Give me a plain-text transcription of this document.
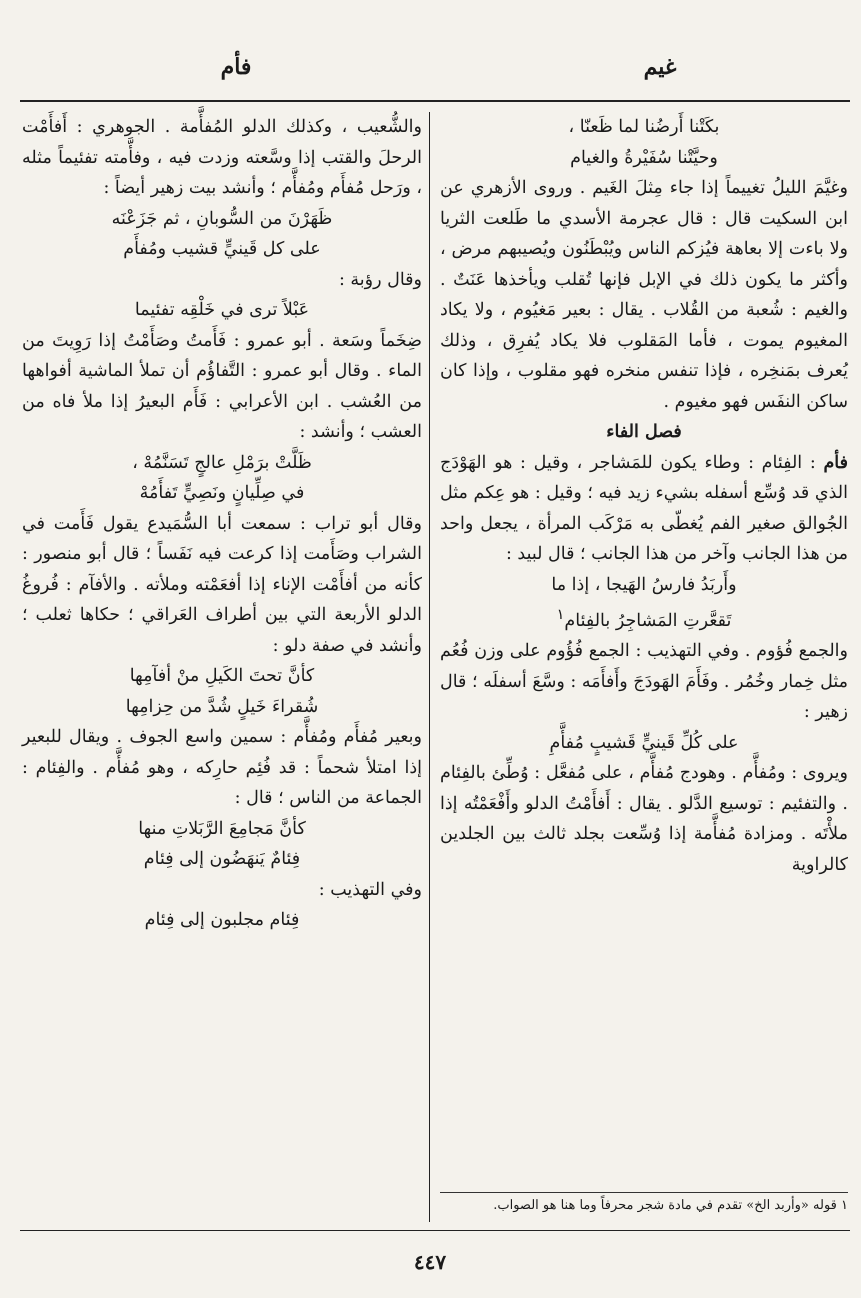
غيم
فأم

بكَتْنا أَرضُنا لما ظَعنّا ،

وحيَّتْنا سُفَيْرةُ والغيام

وغيَّمَ الليلُ تغييماً إذا جاء مِثلَ الغَيم . وروى الأزهري عن ابن السكيت قال : قال عجرمة الأسدي ما طَلعت الثريا ولا باءت إلا بعاهة فيُزكم الناس ويُبْطَنُون ويُصيبهم مرض ، وأكثر ما يكون ذلك في الإبل فإنها تُقلب ويأخذها عَنَتٌ . والغيم : شُعبة من القُلاب . يقال : بعير مَغيُوم ، ولا يكاد المغيوم يموت ، فأما المَقلوب فلا يكاد يُفرِق ، وذلك يُعرف بمَنخِره ، فإذا تنفس منخره فهو مقلوب ، وإذا كان ساكن النفَس فهو مغيوم .

فصل الفاء

فأم : الفِئام : وطاء يكون للمَشاجر ، وقيل : هو الهَوْدَج الذي قد وُسِّع أسفله بشيء زيد فيه ؛ وقيل : هو عِكم مثل الجُوالق صغير الفم يُغطّى به مَرْكَب المرأة ، يجعل واحد من هذا الجانب وآخر من هذا الجانب ؛ قال لبيد :

وأَربَدُ فارسُ الهَيجا ، إذا ما

تَقعَّرتِ المَشاجِرُ بالفِئام$^١$

والجمع فُؤوم . وفي التهذيب : الجمع فُؤُوم على وزن فُعُم مثل خِمار وخُمُر . وفَأَمَ الهَودَجَ وأَفأَمَه : وسَّعَ أسفلَه ؛ قال زهير :

على كُلِّ قَينيٍّ قَشيبٍ مُفأَّمِ

ويروى : ومُفأَّم . وهودج مُفأَّم ، على مُفعَّل : وُطِّئ بالفِئام . والتفئيم : توسيع الدَّلو . يقال : أَفأَمْتُ الدلو وأَفْعَمْتُه إذا ملأْتَه . ومزادة مُفأَّمة إذا وُسِّعت بجلد ثالث بين الجلدين كالراوية

والشُّعيب ، وكذلك الدلو المُفأَّمة . الجوهري : أَفأَمْت الرحلَ والقتب إذا وسَّعته وزدت فيه ، وفأَّمته تفئيماً مثله ، ورَحل مُفأَم ومُفأَّم ؛ وأنشد بيت زهير أيضاً :

ظَهَرْنَ من السُّوبانِ ، ثم جَزَعْنَه

على كل قَينيٍّ قشيب ومُفأَم

وقال رؤبة :

عَبْلاً ترى في خَلْقِه تفئيما

ضِخَماً وسَعة . أبو عمرو : فَأَمتُ وصَأَمْتُ إذا رَوِيتَ من الماء . وقال أبو عمرو : التَّفاؤُم أن تملأ الماشية أفواهها من العُشب . ابن الأعرابي : فَأَم البعيرُ إذا ملأ فاه من العشب ؛ وأنشد :

ظَلَّتْ برَمْلِ عالجٍ تَسَنَّمُهْ ،

في صِلِّيانٍ ونَصِيٍّ تَفأَمُهْ

وقال أبو تراب : سمعت أبا السُّمَيدع يقول فَأَمت في الشراب وصَأَمت إذا كرعت فيه نَفَساً ؛ قال أبو منصور : كأنه من أفأَمْت الإناء إذا أفعَمْته وملأته . والأفآم : فُروغُ الدلو الأربعة التي بين أطراف العَراقي ؛ حكاها ثعلب ؛ وأنشد في صفة دلو :

كأنَّ تحتَ الكَيلِ منْ أفآمِها

شُقراءَ خَيلٍ شُدَّ من حِزامِها

وبعير مُفأَم ومُفأَّم : سمين واسع الجوف . ويقال للبعير إذا امتلأ شحماً : قد فُئِم حارِكه ، وهو مُفأَّم . والفِئام : الجماعة من الناس ؛ قال :

كأنَّ مَجامِعَ الرَّبَلاتِ منها

فِئامٌ يَنهَضُون إلى فِئام

وفي التهذيب :

فِئام مجلبون إلى فِئام

١ قوله «وأربد الخ» تقدم في مادة شجر محرفاً وما هنا هو الصواب.
٤٤٧
